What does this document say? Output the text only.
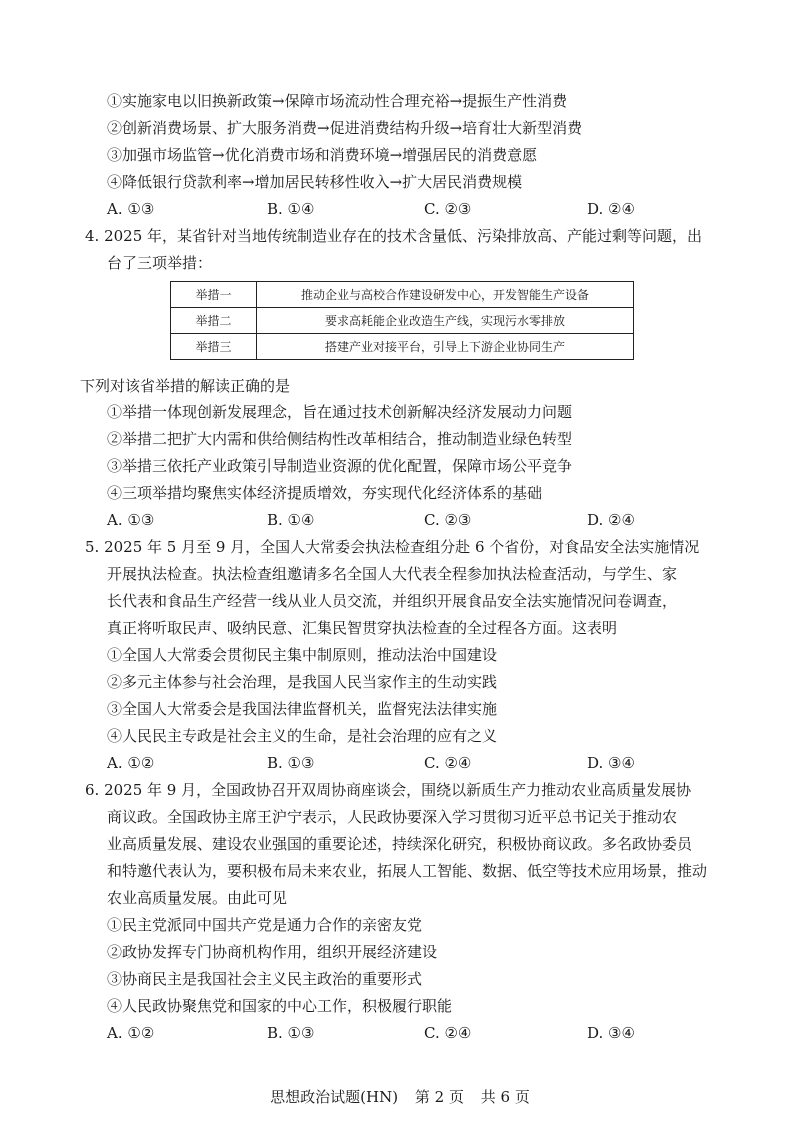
①实施家电以旧换新政策→保障市场流动性合理充裕→提振生产性消费
②创新消费场景、扩大服务消费→促进消费结构升级→培育壮大新型消费
③加强市场监管→优化消费市场和消费环境→增强居民的消费意愿
④降低银行贷款利率→增加居民转移性收入→扩大居民消费规模
A. ①③	B. ①④	C. ②③	D. ②④
4. 2025 年，某省针对当地传统制造业存在的技术含量低、污染排放高、产能过剩等问题，出
台了三项举措：
举措一	推动企业与高校合作建设研发中心，开发智能生产设备
举措二	要求高耗能企业改造生产线，实现污水零排放
举措三	搭建产业对接平台，引导上下游企业协同生产
下列对该省举措的解读正确的是
①举措一体现创新发展理念，旨在通过技术创新解决经济发展动力问题
②举措二把扩大内需和供给侧结构性改革相结合，推动制造业绿色转型
③举措三依托产业政策引导制造业资源的优化配置，保障市场公平竞争
④三项举措均聚焦实体经济提质增效，夯实现代化经济体系的基础
A. ①③	B. ①④	C. ②③	D. ②④
5. 2025 年 5 月至 9 月，全国人大常委会执法检查组分赴 6 个省份，对食品安全法实施情况
开展执法检查。执法检查组邀请多名全国人大代表全程参加执法检查活动，与学生、家
长代表和食品生产经营一线从业人员交流，并组织开展食品安全法实施情况问卷调查，
真正将听取民声、吸纳民意、汇集民智贯穿执法检查的全过程各方面。这表明
①全国人大常委会贯彻民主集中制原则，推动法治中国建设
②多元主体参与社会治理，是我国人民当家作主的生动实践
③全国人大常委会是我国法律监督机关，监督宪法法律实施
④人民民主专政是社会主义的生命，是社会治理的应有之义
A. ①②	B. ①③	C. ②④	D. ③④
6. 2025 年 9 月，全国政协召开双周协商座谈会，围绕以新质生产力推动农业高质量发展协
商议政。全国政协主席王沪宁表示，人民政协要深入学习贯彻习近平总书记关于推动农
业高质量发展、建设农业强国的重要论述，持续深化研究，积极协商议政。多名政协委员
和特邀代表认为，要积极布局未来农业，拓展人工智能、数据、低空等技术应用场景，推动
农业高质量发展。由此可见
①民主党派同中国共产党是通力合作的亲密友党
②政协发挥专门协商机构作用，组织开展经济建设
③协商民主是我国社会主义民主政治的重要形式
④人民政协聚焦党和国家的中心工作，积极履行职能
A. ①②	B. ①③	C. ②④	D. ③④
思想政治试题(HN) 第 2 页 共 6 页
